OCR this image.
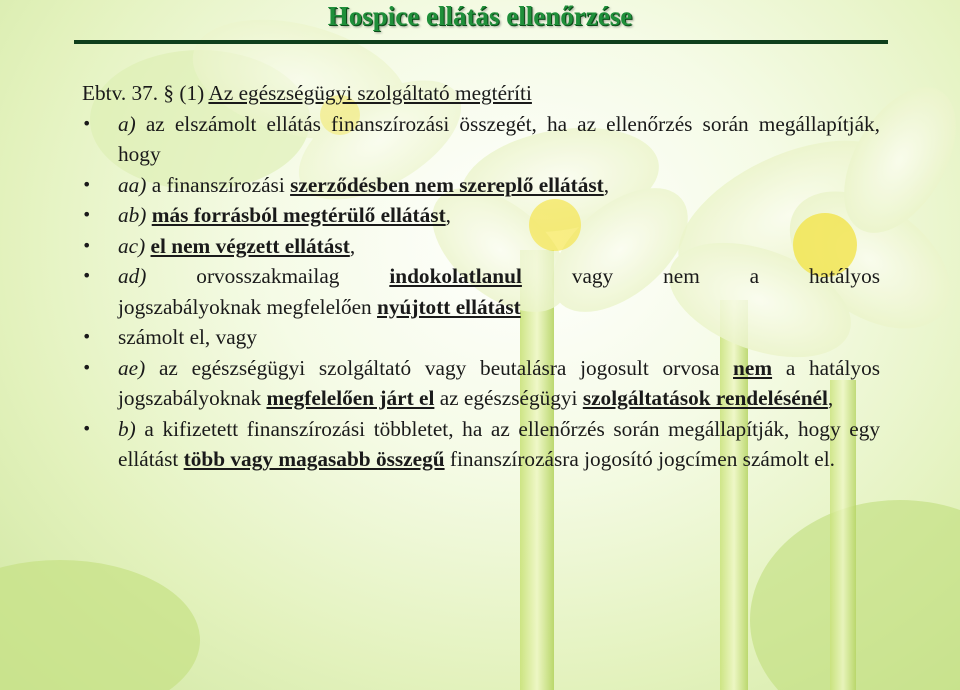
Hospice ellátás ellenőrzése

Ebtv. 37. § (1) Az egészségügyi szolgáltató megtéríti

• a) az elszámolt ellátás finanszírozási összegét, ha az ellenőrzés során megállapítják, hogy
• aa) a finanszírozási szerződésben nem szereplő ellátást,
• ab) más forrásból megtérülő ellátást,
• ac) el nem végzett ellátást,
• ad) orvosszakmailag indokolatlanul vagy nem a hatályos
jogszabályoknak megfelelően nyújtott ellátást
• számolt el, vagy
• ae) az egészségügyi szolgáltató vagy beutalásra jogosult orvosa nem a hatályos jogszabályoknak megfelelően járt el az egészségügyi szolgáltatások rendelésénél,
• b) a kifizetett finanszírozási többletet, ha az ellenőrzés során megállapítják, hogy egy ellátást több vagy magasabb összegű finanszírozásra jogosító jogcímen számolt el.
